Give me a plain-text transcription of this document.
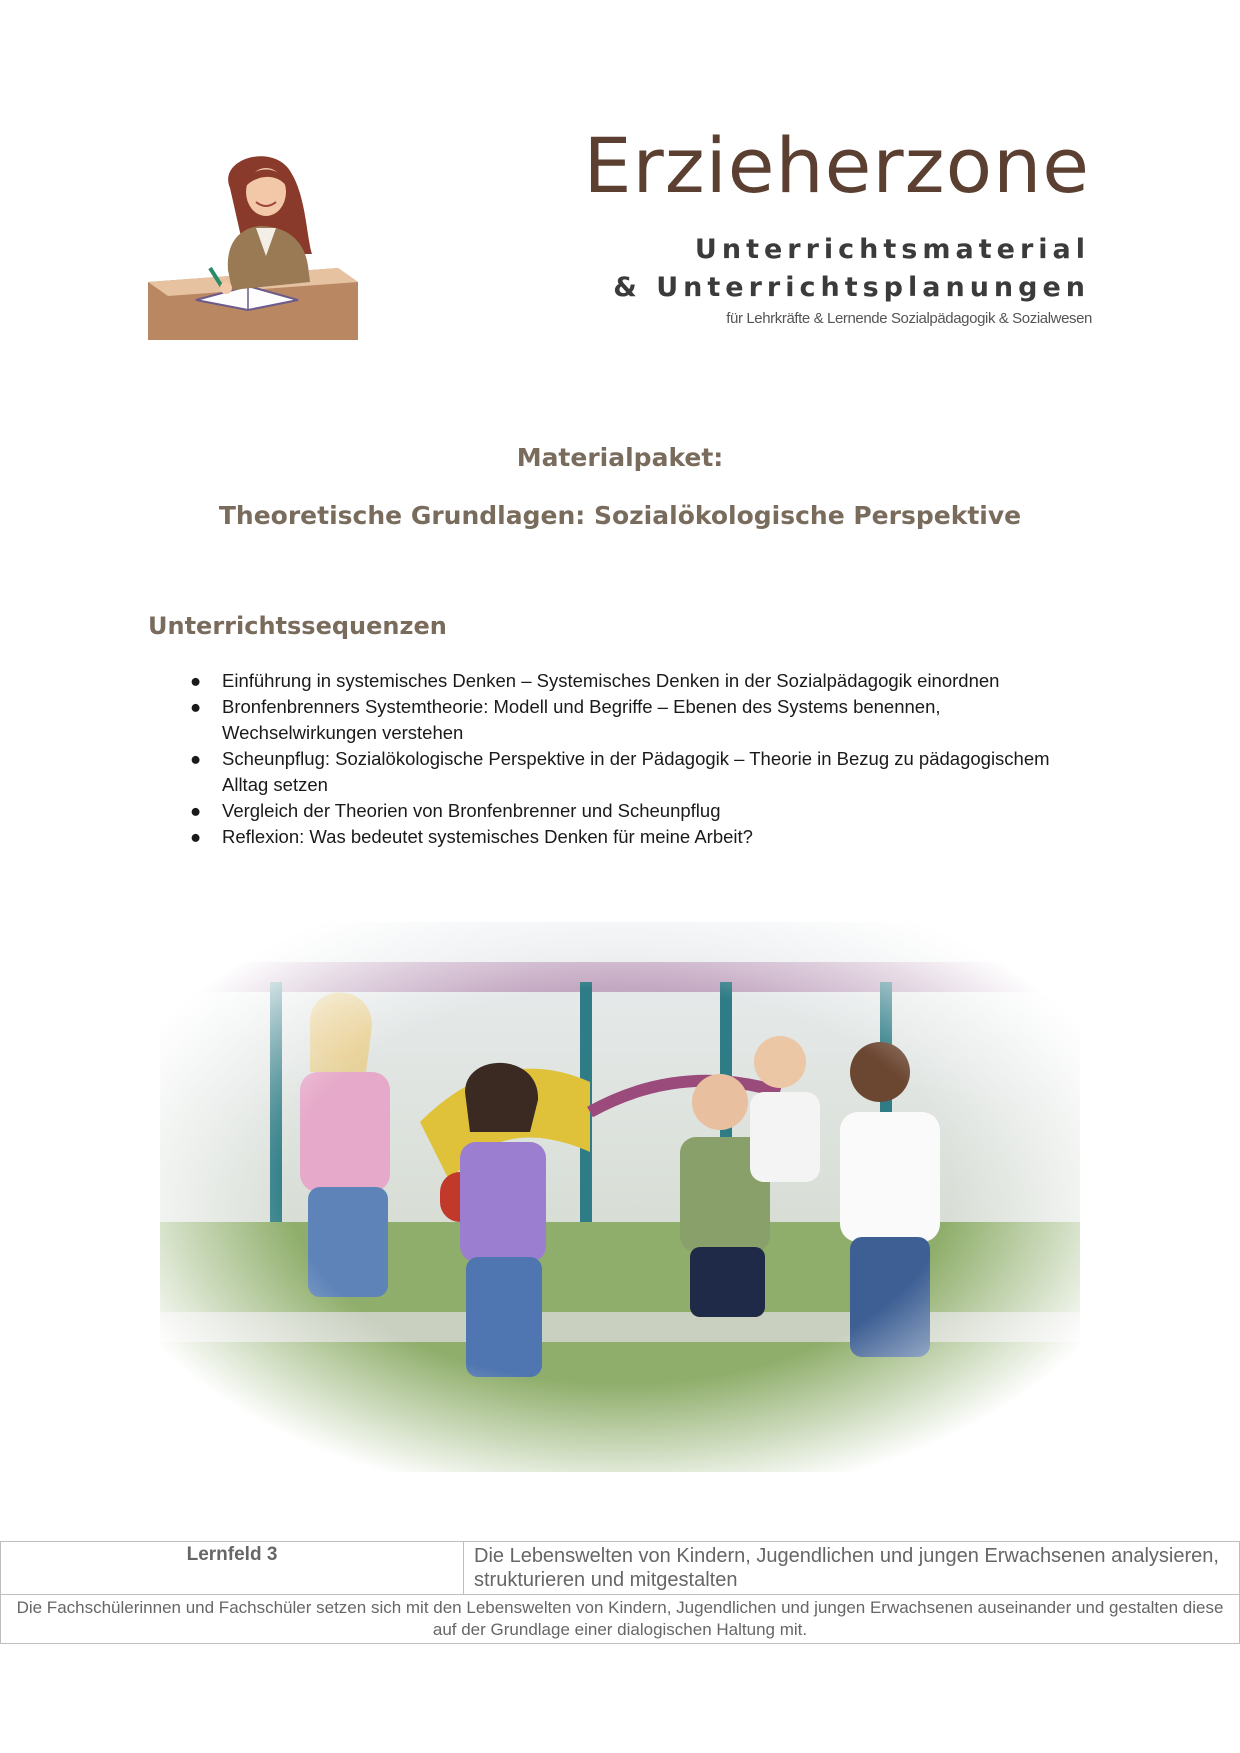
Erzieherzone

Unterrichtsmaterial

& Unterrichtsplanungen

für Lehrkräfte & Lernende Sozialpädagogik & Sozialwesen

Materialpaket:
Theoretische Grundlagen: Sozialökologische Perspektive
Unterrichtssequenzen
● Einführung in systemisches Denken – Systemisches Denken in der Sozialpädagogik einordnen
● Bronfenbrenners Systemtheorie: Modell und Begriffe – Ebenen des Systems benennen, Wechselwirkungen verstehen
● Scheunpflug: Sozialökologische Perspektive in der Pädagogik – Theorie in Bezug zu pädagogischem Alltag setzen
● Vergleich der Theorien von Bronfenbrenner und Scheunpflug
● Reflexion: Was bedeutet systemisches Denken für meine Arbeit?
Lernfeld 3	Die Lebenswelten von Kindern, Jugendlichen und jungen Erwachsenen analysieren, strukturieren und mitgestalten
Die Fachschülerinnen und Fachschüler setzen sich mit den Lebenswelten von Kindern, Jugendlichen und jungen Erwachsenen auseinander und gestalten diese auf der Grundlage einer dialogischen Haltung mit.
